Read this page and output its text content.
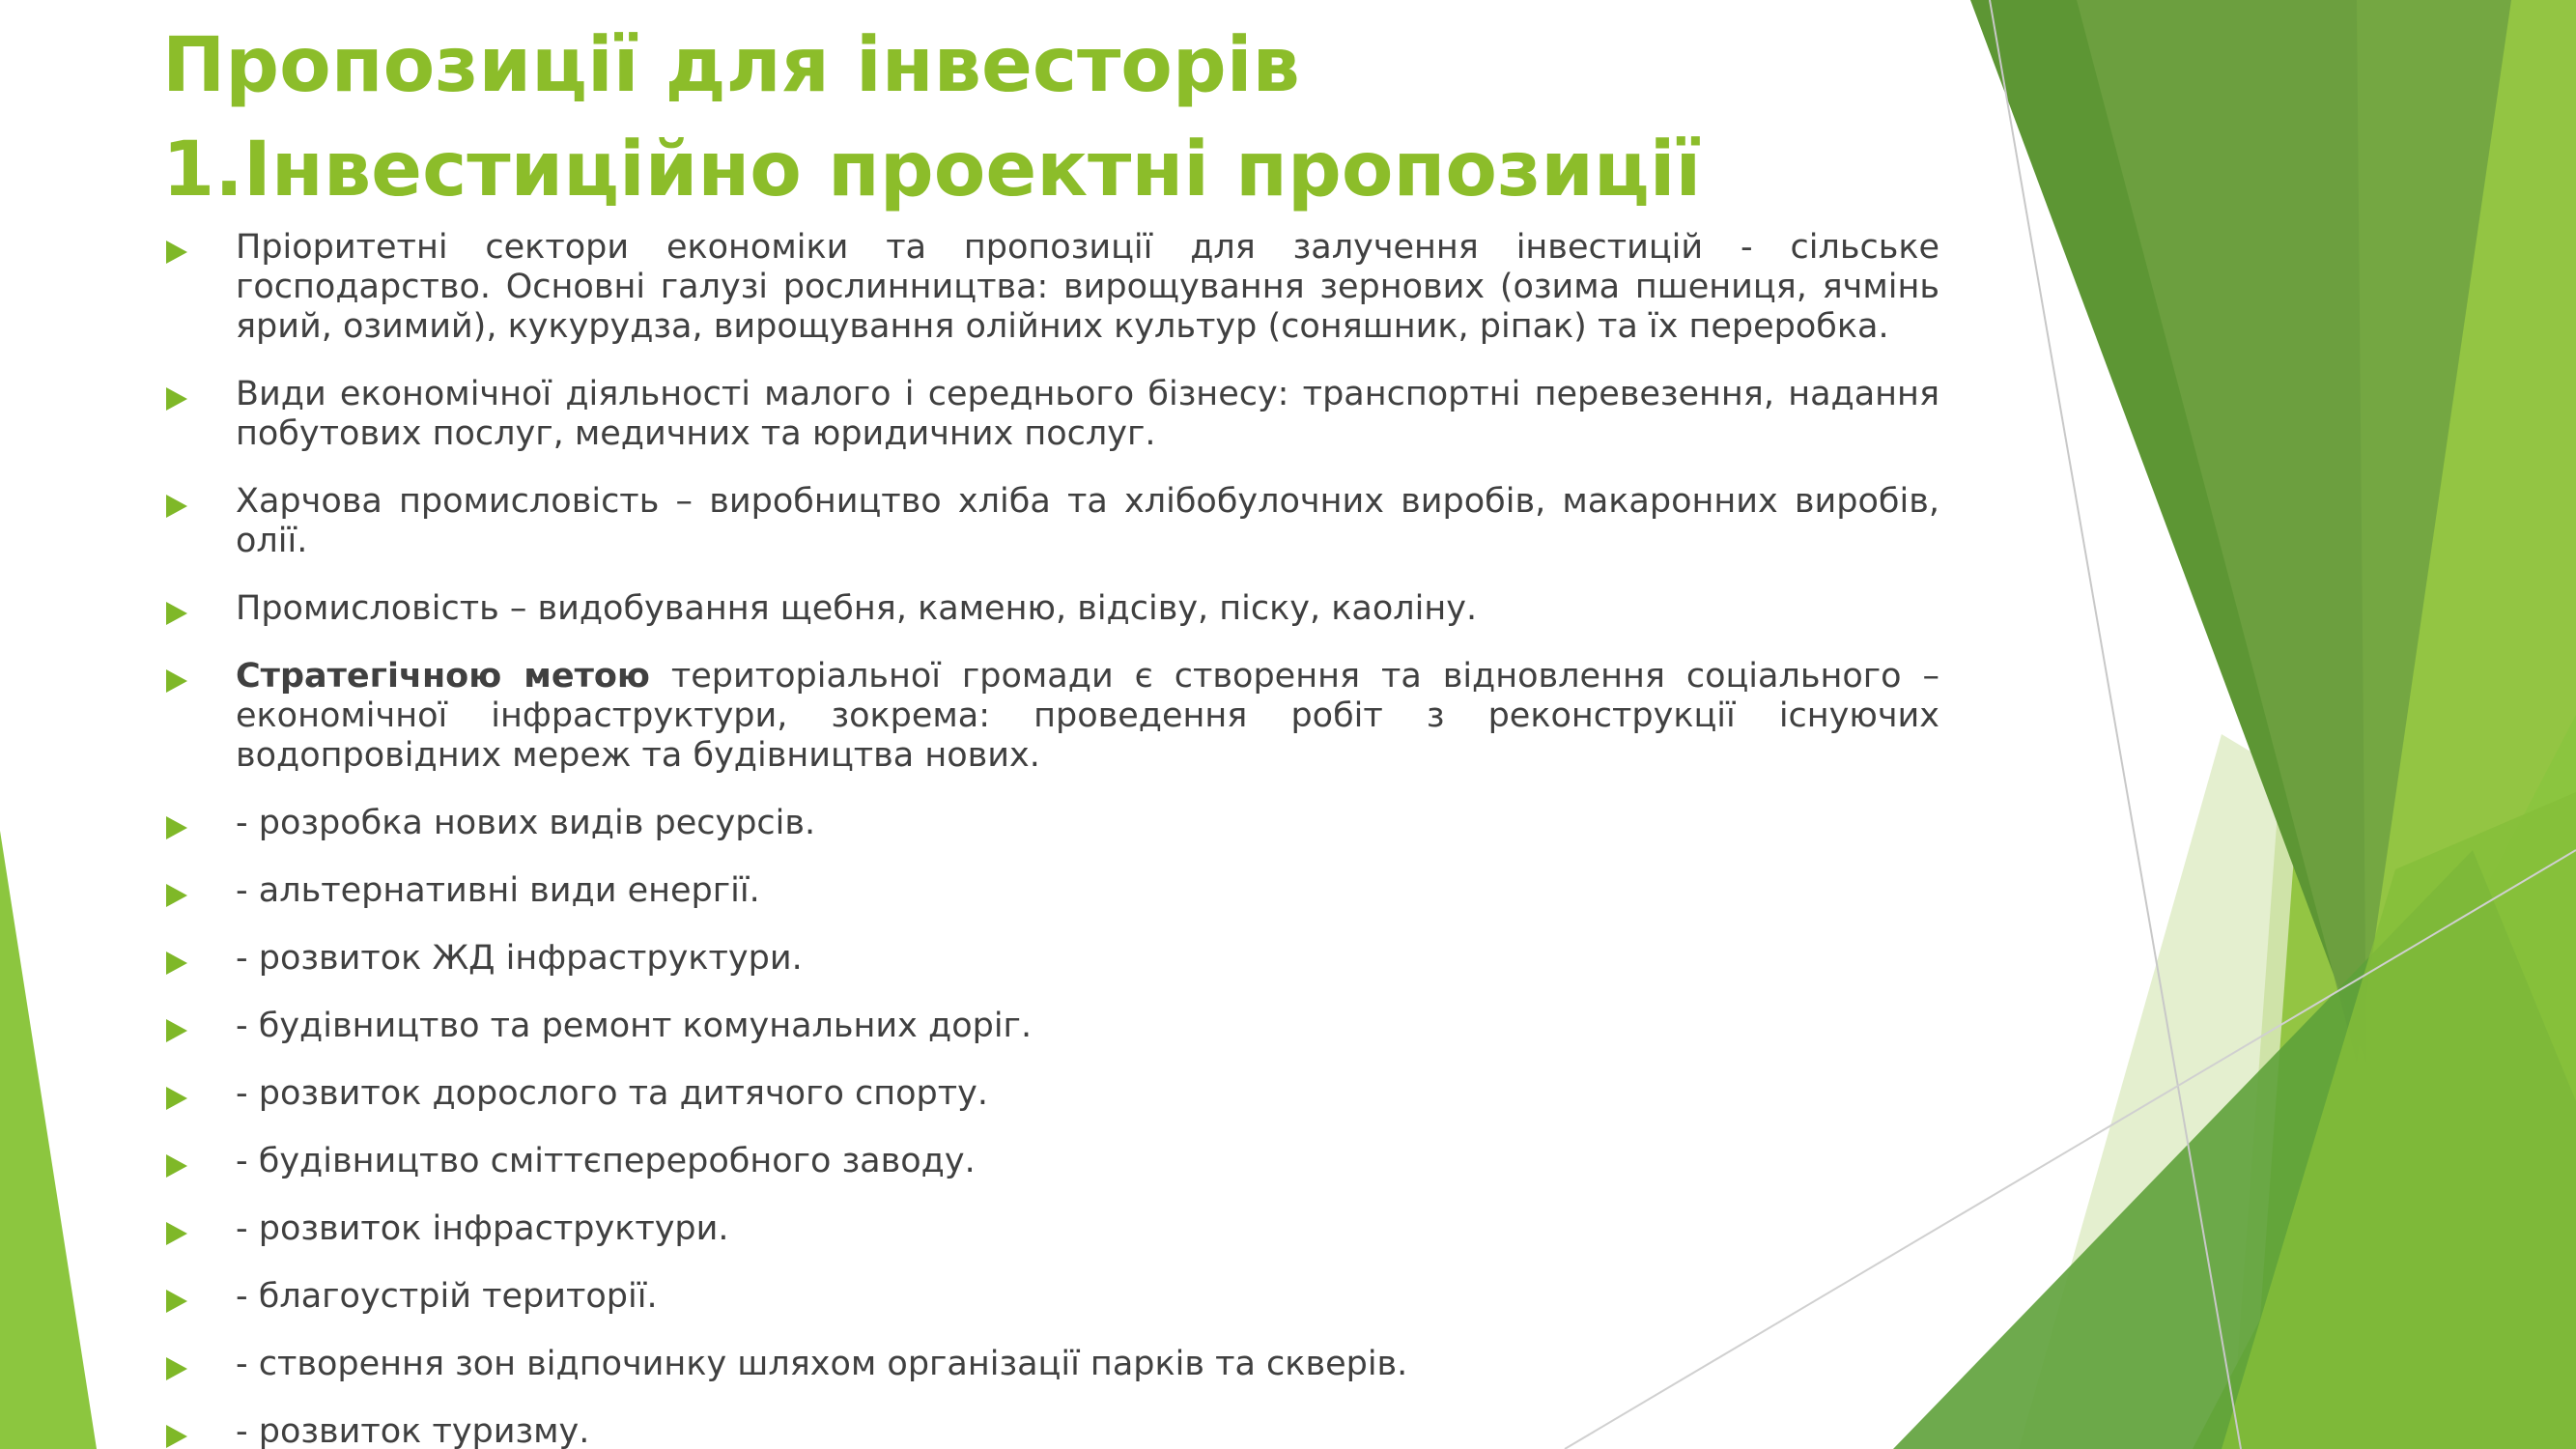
Пропозиції для інвесторів
1.Інвестиційно проектні пропозиції
Пріоритетні сектори економіки та пропозиції для залучення інвестицій - сільське господарство. Основні галузі рослинництва: вирощування зернових (озима пшениця, ячмінь ярий, озимий), кукурудза, вирощування олійних культур (соняшник, ріпак) та їх переробка.
Види економічної діяльності малого і середнього бізнесу: транспортні перевезення, надання побутових послуг, медичних та юридичних послуг.
Харчова промисловість – виробництво хліба та хлібобулочних виробів, макаронних виробів, олії.
Промисловість – видобування щебня, каменю, відсіву, піску, каоліну.
Стратегічною метою територіальної громади є створення та відновлення соціального – економічної інфраструктури, зокрема: проведення робіт з реконструкції існуючих водопровідних мереж та будівництва нових.
- розробка нових видів ресурсів.
- альтернативні види енергії.
- розвиток ЖД інфраструктури.
- будівництво та ремонт комунальних доріг.
- розвиток дорослого та дитячого спорту.
- будівництво сміттєпереробного заводу.
- розвиток інфраструктури.
- благоустрій території.
- створення зон відпочинку шляхом організації парків та скверів.
- розвиток туризму.
